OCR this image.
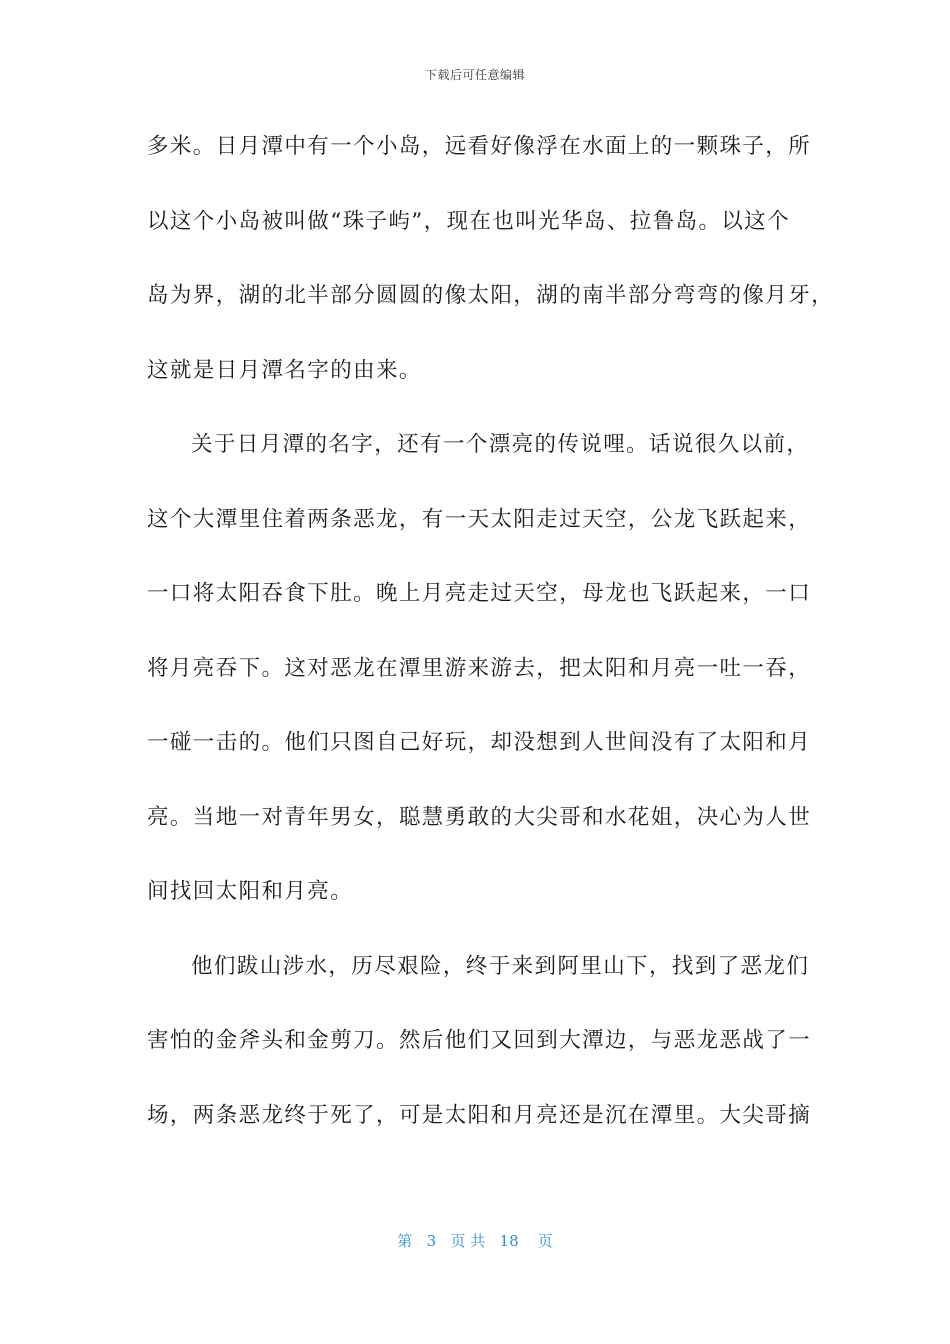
下载后可任意编辑
多米。日月潭中有一个小岛，远看好像浮在水面上的一颗珠子，所
以这个小岛被叫做“珠子屿”，现在也叫光华岛、拉鲁岛。以这个
岛为界，湖的北半部分圆圆的像太阳，湖的南半部分弯弯的像月牙，
这就是日月潭名字的由来。
关于日月潭的名字，还有一个漂亮的传说哩。话说很久以前，
这个大潭里住着两条恶龙，有一天太阳走过天空，公龙飞跃起来，
一口将太阳吞食下肚。晚上月亮走过天空，母龙也飞跃起来，一口
将月亮吞下。这对恶龙在潭里游来游去，把太阳和月亮一吐一吞，
一碰一击的。他们只图自己好玩，却没想到人世间没有了太阳和月
亮。当地一对青年男女，聪慧勇敢的大尖哥和水花姐，决心为人世
间找回太阳和月亮。
他们跋山涉水，历尽艰险，终于来到阿里山下，找到了恶龙们
害怕的金斧头和金剪刀。然后他们又回到大潭边，与恶龙恶战了一
场，两条恶龙终于死了，可是太阳和月亮还是沉在潭里。大尖哥摘
第 3 页 共 18 页
